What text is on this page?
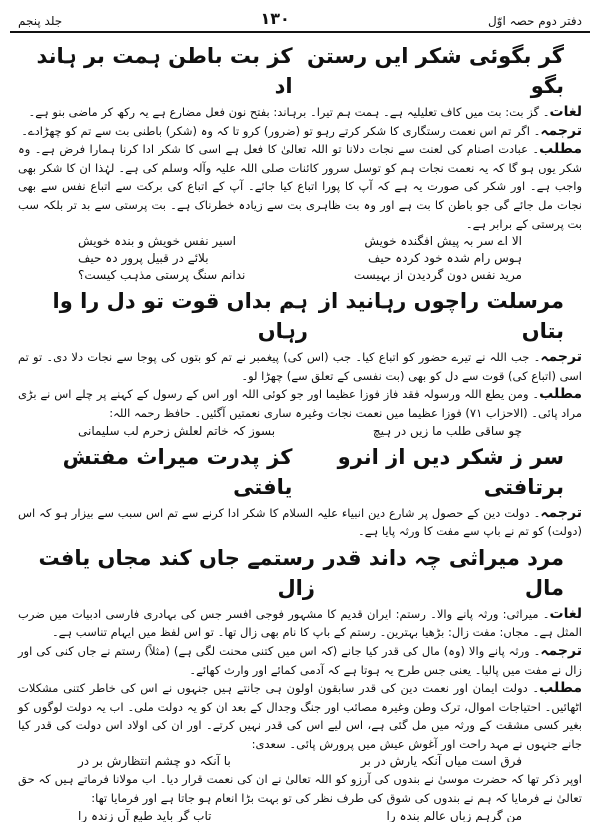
دفتر دوم حصہ اوّل
۱۳۰
جلد پنجم
گر بگوئی شکر ایں رستن بگو
کز بت باطن ہمت بر ہاند اد

لغات۔ گز بت: بت میں کاف تعلیلیہ ہے۔ ہمت ہم تیرا۔ برہاند: بفتح نون فعل مضارع ہے یہ رکھ کر ماضی بنو ہے۔

ترجمہ۔ اگر تم اس نعمت رستگاری کا شکر کرتے رہو تو (ضرور) کرو تا کہ وہ (شکر) باطنی بت سے تم کو چھڑادے۔

مطلب۔ عبادت اصنام کی لعنت سے نجات دلانا تو اللہ تعالیٰ کا فعل ہے اسی کا شکر ادا کرنا ہمارا فرض ہے۔ وہ شکر یوں ہو گا کہ یہ نعمت نجات ہم کو توسل سرور کائنات صلی اللہ علیہ وآلہ وسلم کی ہے۔ لہٰذا ان کا شکر بھی واجب ہے۔ اور شکر کی صورت یہ ہے کہ آپ کا پورا اتباع کیا جائے۔ آپ کے اتباع کی برکت سے اتباع نفس سے بھی نجات مل جائے گی جو باطن کا بت ہے اور وہ بت ظاہری بت سے زیادہ خطرناک ہے۔ بت پرستی سے بد تر بلکہ سب بت پرستی کے برابر ہے۔

الا اے سر بہ پیش افگندہ خویش
اسیر نفس خویش و بندہ خویش
ہوس رام شدہ خود کردہ حیف
بلائے در قبیل پرور دہ حیف
مرید نفس دون گردیدن از بہیست
ندانم سنگ پرستی مذہب کیست؟
مرسلت راچوں رہانید از بتاں
ہم بداں قوت تو دل را وا رہاں

ترجمہ۔ جب اللہ نے تیرے حضور کو اتباع کیا۔ جب (اس کی) پیغمبر نے تم کو بتوں کی پوجا سے نجات دلا دی۔ تو تم اسی (اتباع کی) قوت سے دل کو بھی (بت نفسی کے تعلق سے) چھڑا لو۔

مطلب۔ ومن یطع اللہ ورسولہ فقد فاز فوزا عظیما اور جو کوئی اللہ اور اس کے رسول کے کہنے پر چلے اس نے بڑی مراد پائی۔ (الاحزاب ۷۱) فوزا عظیما میں نعمت نجات وغیرہ ساری نعمتیں آگئیں۔ حافظ رحمہ اللہ:

چو ساقی طلب ما زیں در ہیچ
بسوز کہ خاتم لعلش زحرم لب سلیمانی
سر ز شکر دیں از انرو برتافتی
کز پدرت میراث مفتش یافتی

ترجمہ۔ دولت دین کے حصول پر شارع دین انبیاء علیہ السلام کا شکر ادا کرنے سے تم اس سبب سے بیزار ہو کہ اس (دولت) کو تم نے باپ سے مفت کا ورثہ پایا ہے۔

مرد میراثی چہ داند قدر مال
رستمے جاں کند مجاں یافت زال

لغات۔ میراثی: ورثہ پانے والا۔ رستم: ایران قدیم کا مشہور فوجی افسر جس کی بہادری فارسی ادبیات میں ضرب المثل ہے۔ مجاں: مفت زال: بڑھیا بہترین۔ رستم کے باپ کا نام بھی زال تھا۔ تو اس لفظ میں ایہام تناسب ہے۔

ترجمہ۔ ورثہ پانے والا (وہ) مال کی قدر کیا جانے (کہ اس میں کتنی محنت لگی ہے) (مثلاً) رستم نے جاں کنی کی اور زال نے مفت میں پالیا۔ یعنی جس طرح یہ ہوتا ہے کہ آدمی کمائے اور وارث کھائے۔

مطلب۔ دولت ایمان اور نعمت دین کی قدر سابقون اولون ہی جانتے ہیں جنہوں نے اس کی خاطر کتنی مشکلات اٹھائیں۔ احتیاجات اموال، ترک وطن وغیرہ مصائب اور جنگ وجدال کے بعد ان کو یہ دولت ملی۔ اب یہ دولت لوگوں کو بغیر کسی مشقت کے ورثہ میں مل گئی ہے، اس لیے اس کی قدر نہیں کرتے۔ اور ان کی اولاد اس دولت کی قدر کیا جانے جنہوں نے مہد راحت اور آغوش عیش میں پرورش پائی۔ سعدی:

فرق است میاں آنکہ یارش در بر
با آنکہ دو چشم انتظارش بر در

اوپر ذکر تھا کہ حضرت موسیٰ نے بندوں کی آرزو کو اللہ تعالیٰ نے ان کی نعمت قرار دیا۔ اب مولانا فرماتے ہیں کہ حق تعالیٰ نے فرمایا کہ ہم نے بندوں کی شوق کی طرف نظر کی تو بہت بڑا انعام ہو جاتا ہے اور فرمایا تھا:

من گرہم زباں عالم بندہ را
تاب گر باید طبع آں زندہ را
